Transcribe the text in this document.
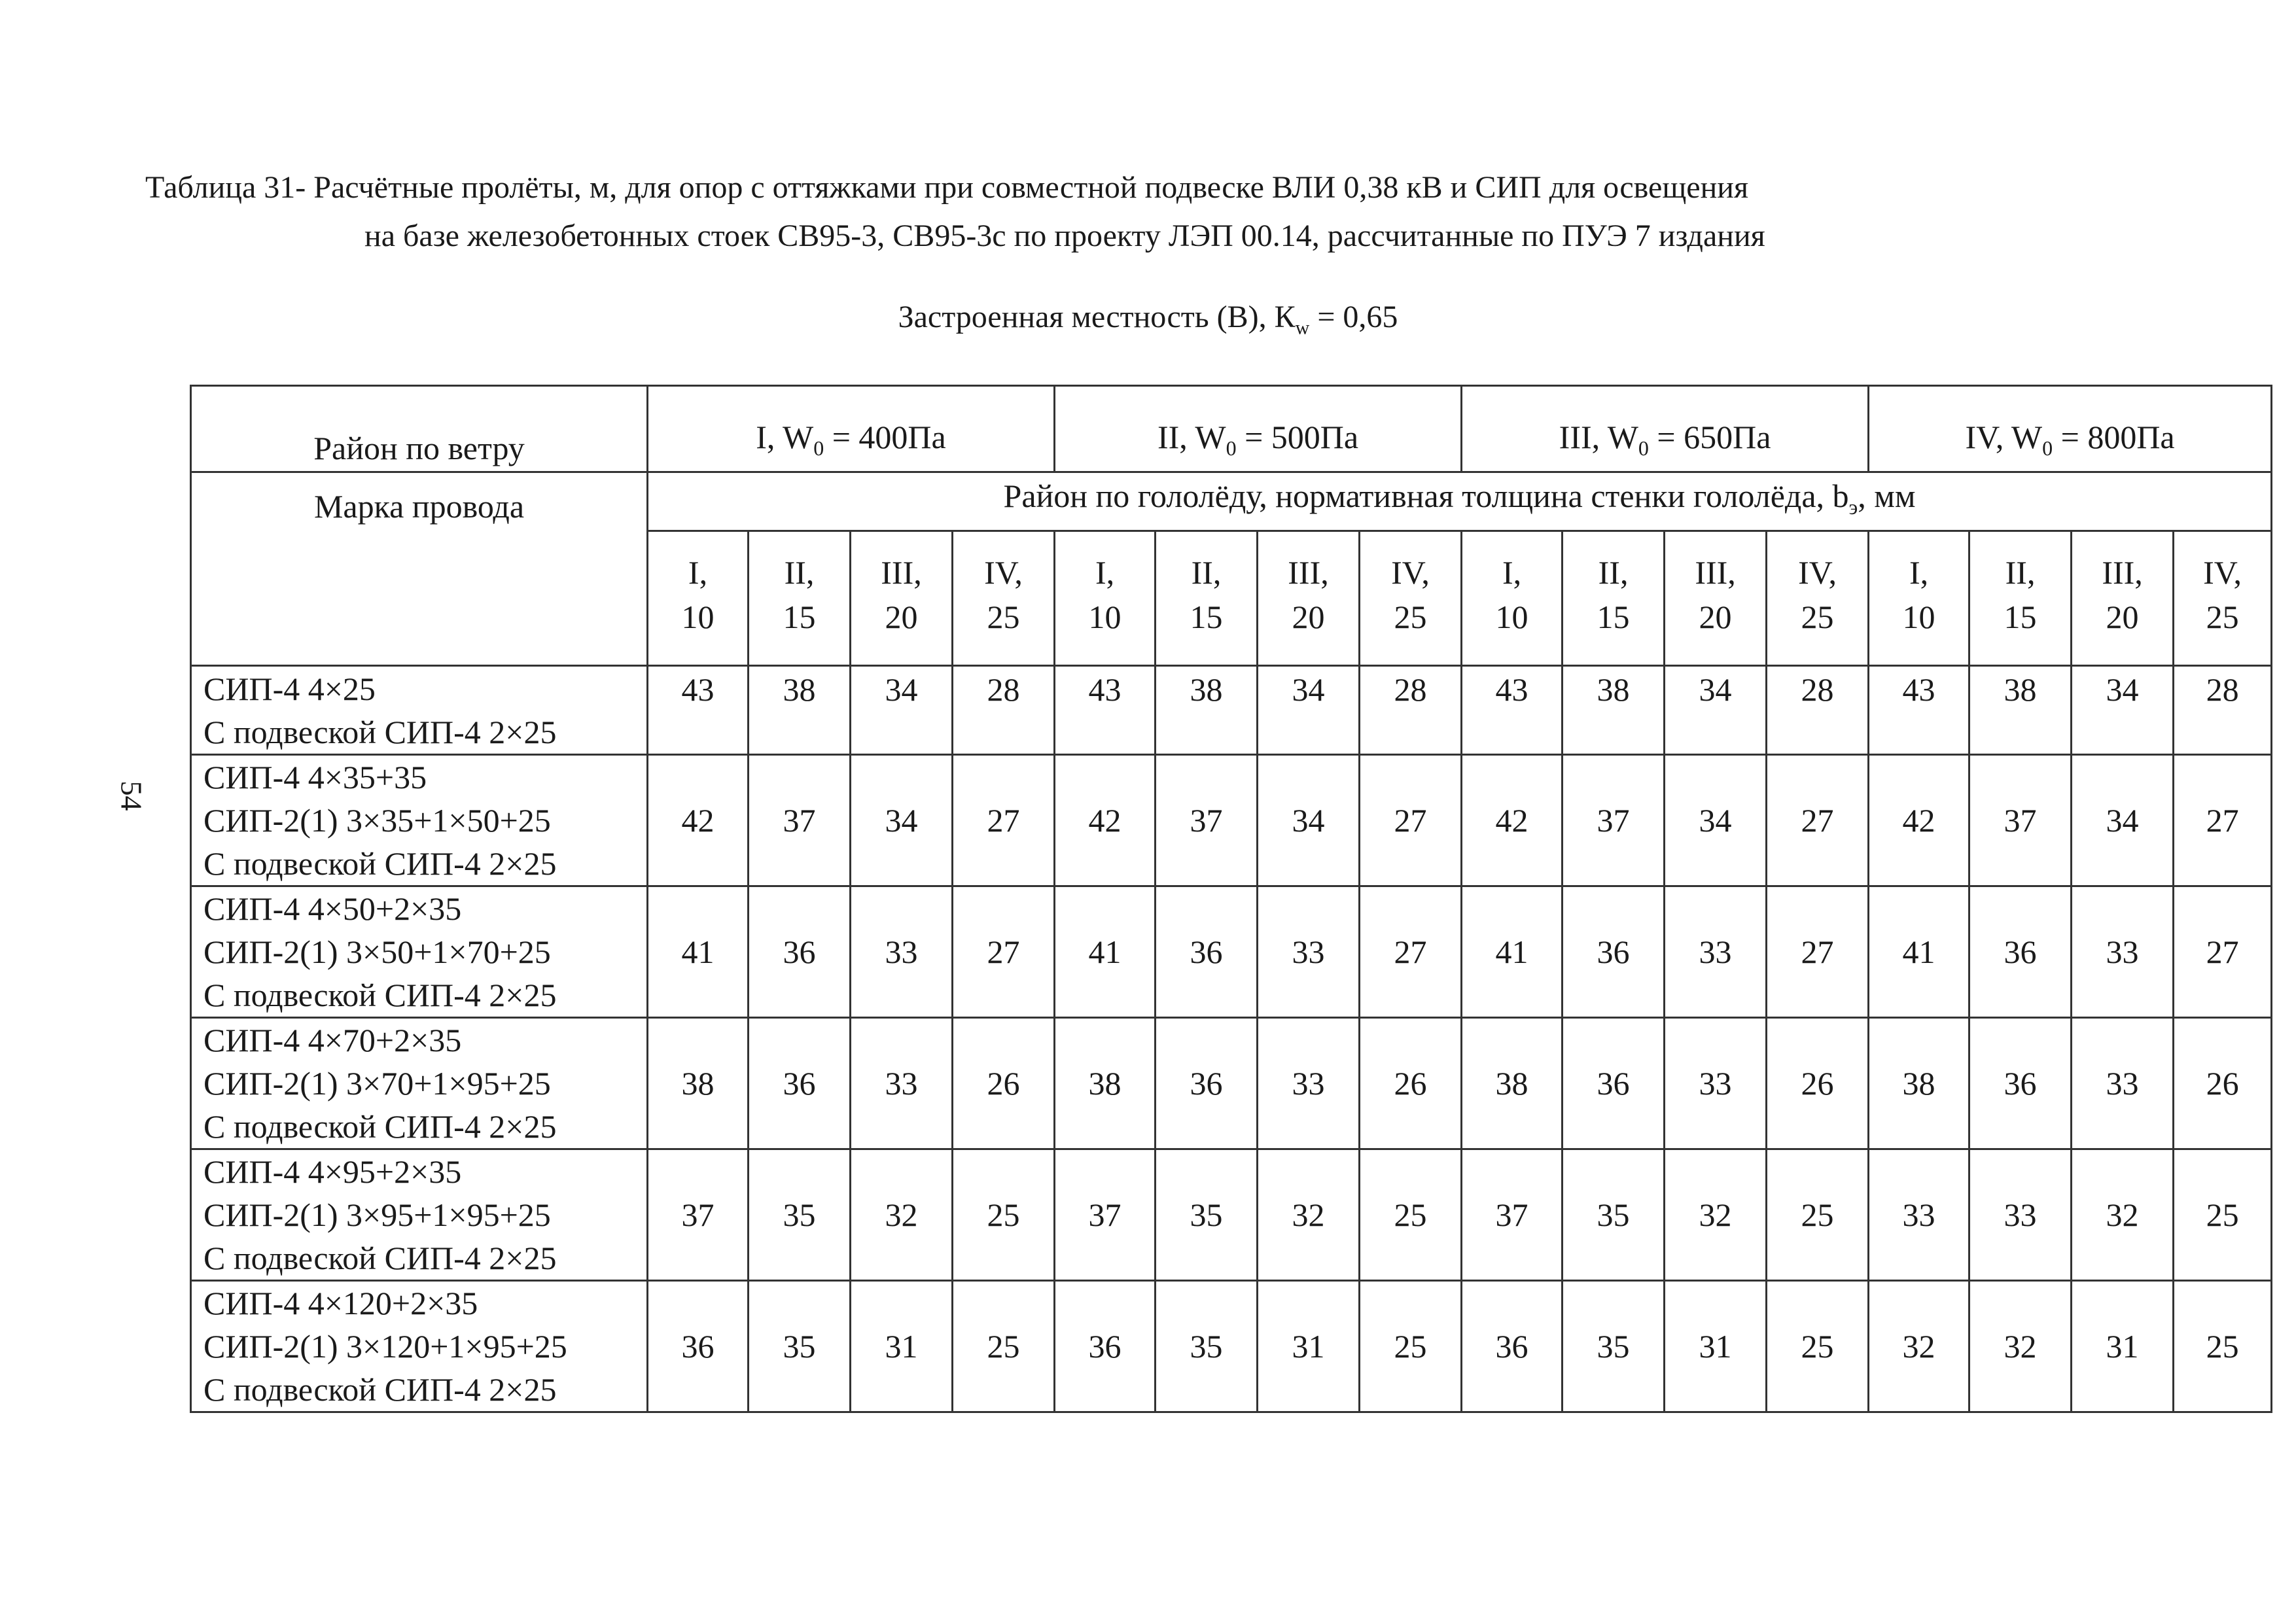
Таблица 31- Расчётные пролёты, м, для опор с оттяжками при совместной подвеске ВЛИ 0,38 кВ и СИП для освещения
на базе железобетонных стоек СВ95-3, СВ95-3с по проекту ЛЭП 00.14, рассчитанные по ПУЭ 7 издания
Застроенная местность (В), $К_w = 0,65$
54
Район по ветру	I, $W_0 = 400Па$				II, $W_0 = 500Па$				III, $W_0 = 650Па$				IV, $W_0 = 800Па$			
Марка провода	Район по гололёду, нормативная толщина стенки гололёда, $b_э$, мм															
	I,
10	II,
15	III,
20	IV,
25	I,
10	II,
15	III,
20	IV,
25	I,
10	II,
15	III,
20	IV,
25	I,
10	II,
15	III,
20	IV,
25

СИП-4 4×25
С подвеской СИП-4 2×25	43	38	34	28	43	38	34	28	43	38	34	28	43	38	34	28

СИП-4 4×35+35
СИП-2(1) 3×35+1×50+25
С подвеской СИП-4 2×25	42	37	34	27	42	37	34	27	42	37	34	27	42	37	34	27

СИП-4 4×50+2×35
СИП-2(1) 3×50+1×70+25
С подвеской СИП-4 2×25	41	36	33	27	41	36	33	27	41	36	33	27	41	36	33	27

СИП-4 4×70+2×35
СИП-2(1) 3×70+1×95+25
С подвеской СИП-4 2×25	38	36	33	26	38	36	33	26	38	36	33	26	38	36	33	26

СИП-4 4×95+2×35
СИП-2(1) 3×95+1×95+25
С подвеской СИП-4 2×25	37	35	32	25	37	35	32	25	37	35	32	25	33	33	32	25

СИП-4 4×120+2×35
СИП-2(1) 3×120+1×95+25
С подвеской СИП-4 2×25	36	35	31	25	36	35	31	25	36	35	31	25	32	32	31	25
